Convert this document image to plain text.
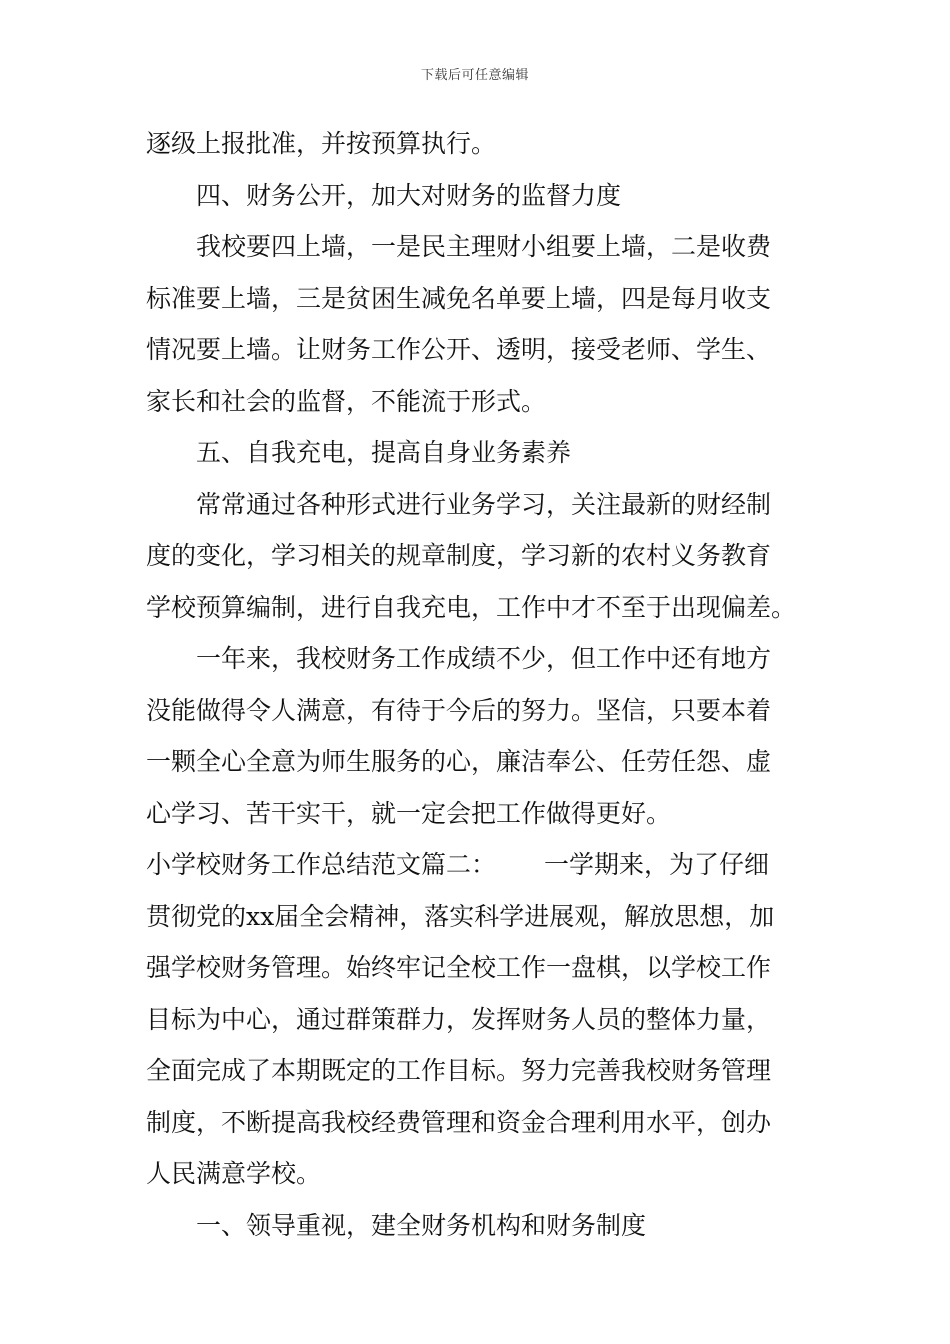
下载后可任意编辑
逐级上报批准，并按预算执行。
四、财务公开，加大对财务的监督力度
我校要四上墙，一是民主理财小组要上墙，二是收费
标准要上墙，三是贫困生减免名单要上墙，四是每月收支
情况要上墙。让财务工作公开、透明，接受老师、学生、
家长和社会的监督，不能流于形式。
五、自我充电，提高自身业务素养
常常通过各种形式进行业务学习，关注最新的财经制
度的变化，学习相关的规章制度，学习新的农村义务教育
学校预算编制，进行自我充电，工作中才不至于出现偏差。
一年来，我校财务工作成绩不少，但工作中还有地方
没能做得令人满意，有待于今后的努力。坚信，只要本着
一颗全心全意为师生服务的心，廉洁奉公、任劳任怨、虚
心学习、苦干实干，就一定会把工作做得更好。
小学校财务工作总结范文篇二： 一学期来，为了仔细
贯彻党的xx届全会精神，落实科学进展观，解放思想，加
强学校财务管理。始终牢记全校工作一盘棋，以学校工作
目标为中心，通过群策群力，发挥财务人员的整体力量，
全面完成了本期既定的工作目标。努力完善我校财务管理
制度，不断提高我校经费管理和资金合理利用水平，创办
人民满意学校。
一、领导重视，建全财务机构和财务制度
